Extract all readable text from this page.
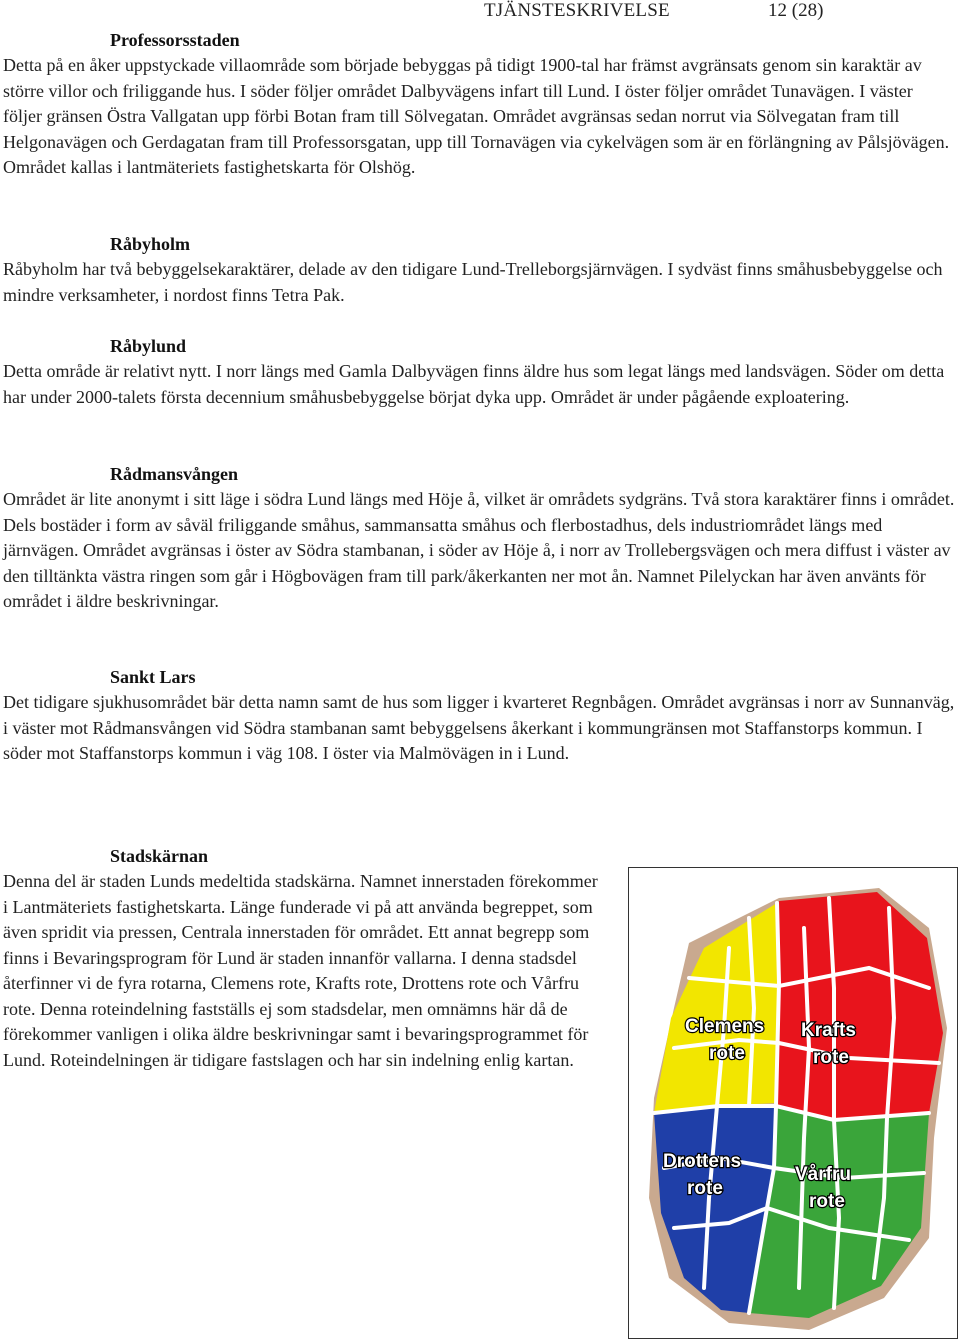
TJÄNSTESKRIVELSE	12 (28)
Professorsstaden

Detta på en åker uppstyckade villaområde som började bebyggas på tidigt 1900-tal har främst avgränsats genom sin karaktär av större villor och friliggande hus. I söder följer området Dalbyvägens infart till Lund. I öster följer området Tunavägen. I väster följer gränsen Östra Vallgatan upp förbi Botan fram till Sölvegatan. Området avgränsas sedan norrut via Sölvegatan fram till Helgonavägen och Gerdagatan fram till Professorsgatan, upp till Tornavägen via cykelvägen som är en förlängning av Pålsjövägen. Området kallas i lantmäteriets fastighetskarta för Olshög.

Råbyholm

Råbyholm har två bebyggelsekaraktärer, delade av den tidigare Lund-Trelleborgsjärnvägen. I sydväst finns småhusbebyggelse och mindre verksamheter, i nordost finns Tetra Pak.

Råbylund

Detta område är relativt nytt. I norr längs med Gamla Dalbyvägen finns äldre hus som legat längs med landsvägen. Söder om detta har under 2000-talets första decennium småhusbebyggelse börjat dyka upp. Området är under pågående exploatering.

Rådmansvången

Området är lite anonymt i sitt läge i södra Lund längs med Höje å, vilket är områdets sydgräns. Två stora karaktärer finns i området. Dels bostäder i form av såväl friliggande småhus, sammansatta småhus och flerbostadhus, dels industriområdet längs med järnvägen. Området avgränsas i öster av Södra stambanan, i söder av Höje å, i norr av Trollebergsvägen och mera diffust i väster av den tilltänkta västra ringen som går i Högbovägen fram till park/åkerkanten ner mot ån. Namnet Pilelyckan har även använts för området i äldre beskrivningar.

Sankt Lars

Det tidigare sjukhusområdet bär detta namn samt de hus som ligger i kvarteret Regnbågen. Området avgränsas i norr av Sunnanväg, i väster mot Rådmansvången vid Södra stambanan samt bebyggelsens åkerkant i kommungränsen mot Staffanstorps kommun. I söder mot Staffanstorps kommun i väg 108. I öster via Malmövägen in i Lund.

Stadskärnan

Denna del är staden Lunds medeltida stadskärna. Namnet innerstaden förekommer i Lantmäteriets fastighetskarta. Länge funderade vi på att använda begreppet, som även spridit via pressen, Centrala innerstaden för området. Ett annat begrepp som finns i Bevaringsprogram för Lund är staden innanför vallarna. I denna stadsdel återfinner vi de fyra rotarna, Clemens rote, Krafts rote, Drottens rote och Vårfru rote. Denna roteindelning fastställs ej som stadsdelar, men omnämns här då de förekommer vanligen i olika äldre beskrivningar samt i bevaringsprogrammet för Lund. Roteindelningen är tidigare fastslagen och har sin indelning enlig kartan.

Clemens
rote
Krafts
rote
Drottens
rote
Vårfru
rote
